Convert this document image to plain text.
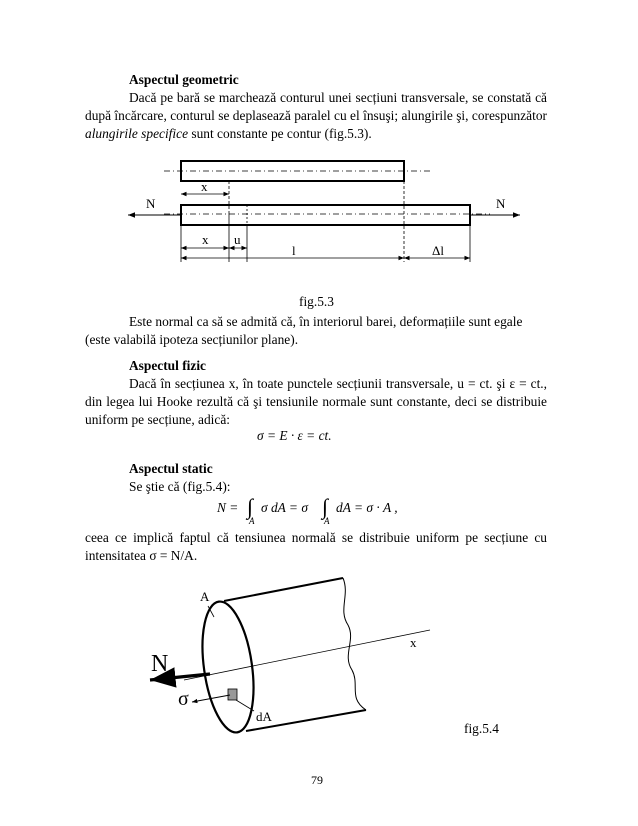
Aspectul geometric
Dacă pe bară se marchează conturul unei secțiuni transversale, se constată că după încărcare, conturul se deplasează paralel cu el însuşi; alungirile şi, corespunzător alungirile specifice sunt constante pe contur (fig.5.3).
x
N	N
x u
l	Δl
fig.5.3
Este normal ca să se admită că, în interiorul barei, deformațiile sunt egale (este valabilă ipoteza secțiunilor plane).
Aspectul fizic
Dacă în secțiunea x, în toate punctele secțiunii transversale, u = ct. şi ε = ct., din legea lui Hooke rezultă că şi tensiunile normale sunt constante, deci se distribuie uniform pe secțiune, adică:
σ = E · ε = ct.
Aspectul static
Se ştie că (fig.5.4):
N = ∫
A
σ dA = σ ∫
A
dA = σ · A ,
ceea ce implică faptul că tensiunea normală se distribuie uniform pe secțiune cu intensitatea σ = N/A.
A
x
N
σ
dA
fig.5.4
79
